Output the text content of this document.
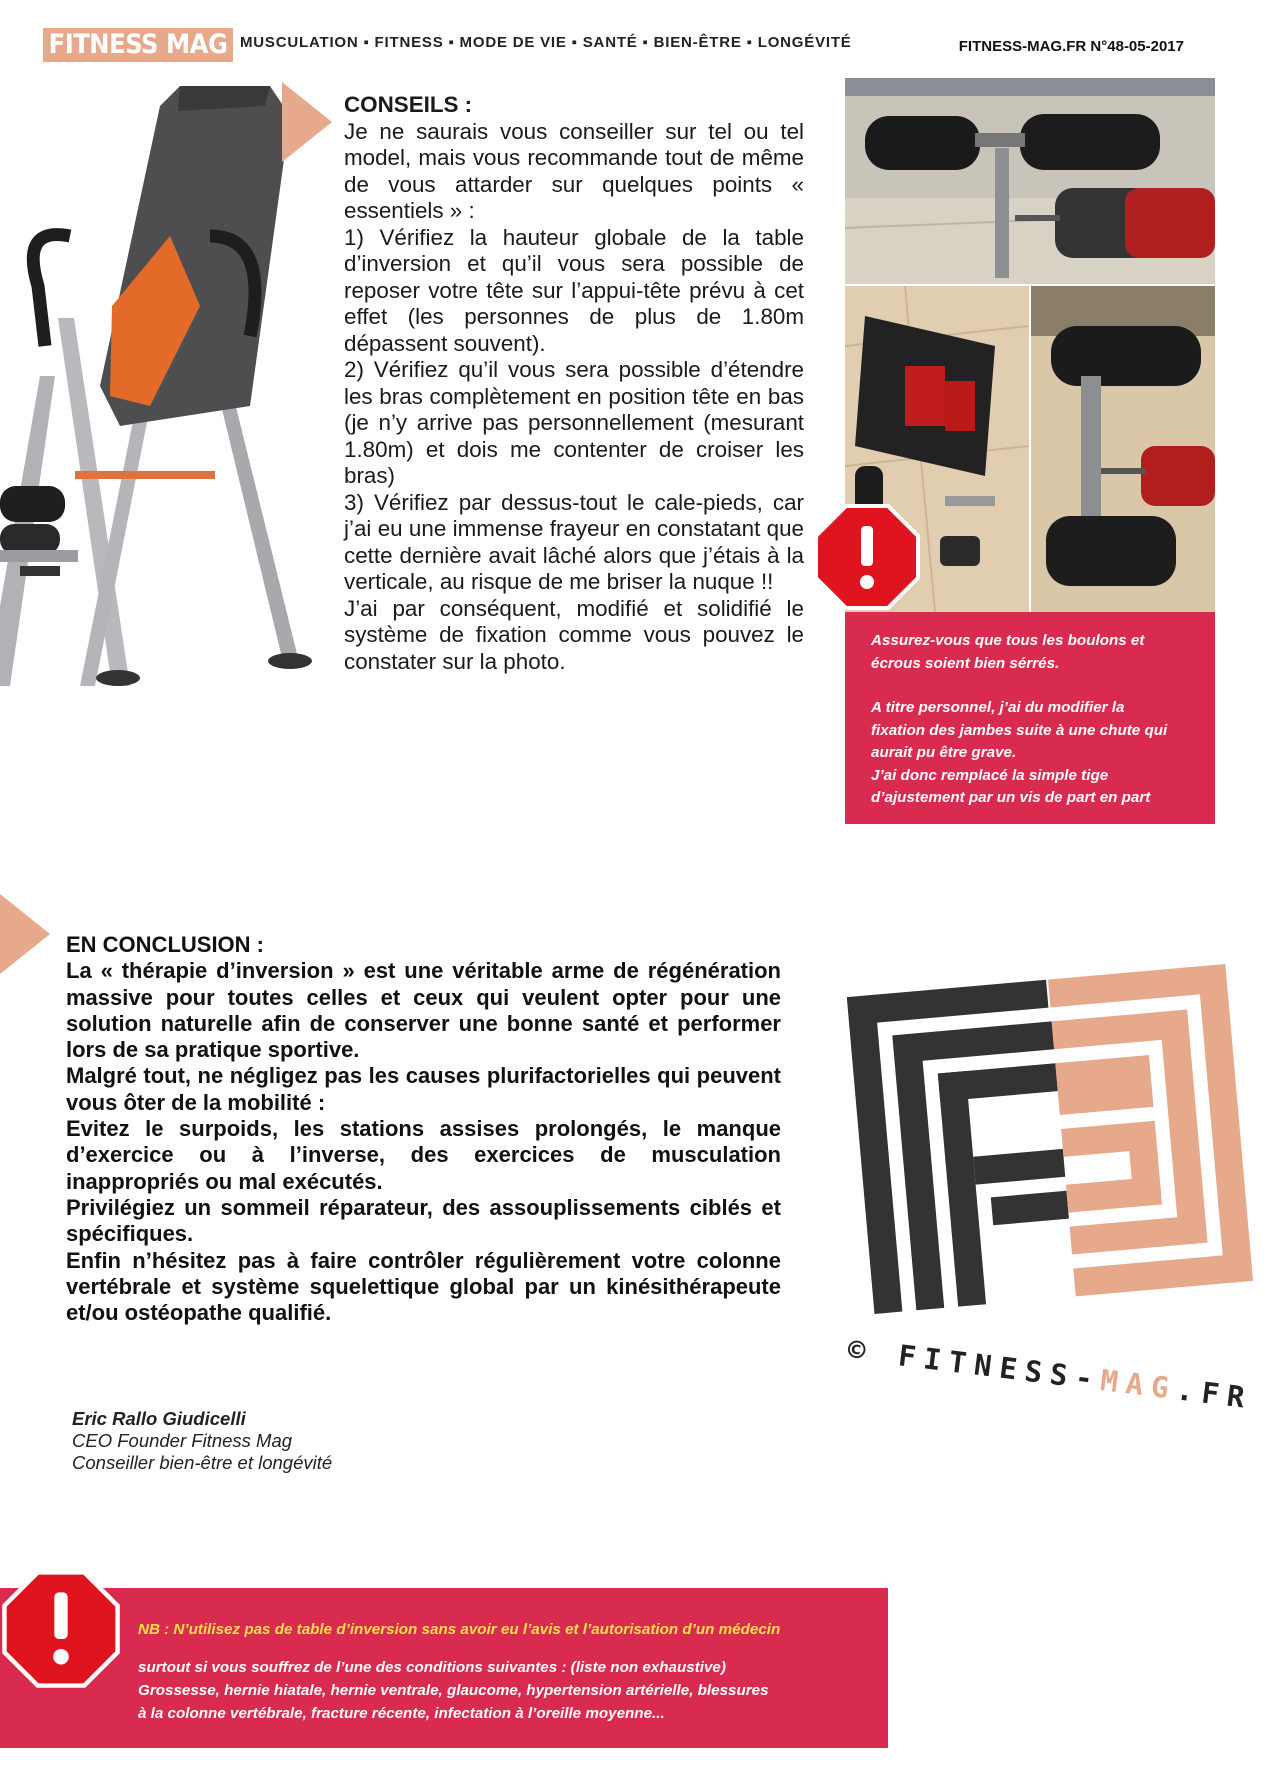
FITNESS MAG MUSCULATION ▪ FITNESS ▪ MODE DE VIE ▪ SANTÉ ▪ BIEN-ÊTRE ▪ LONGÉVITÉ	FITNESS-MAG.FR N°48-05-2017

CONSEILS :

Je ne saurais vous conseiller sur tel ou tel model, mais vous recommande tout de même de vous attarder sur quelques points « essentiels » :

1) Vérifiez la hauteur globale de la table d’inversion et qu’il vous sera possible de reposer votre tête sur l’appui-tête prévu à cet effet (les personnes de plus de 1.80m dépassent souvent).

2) Vérifiez qu’il vous sera possible d’étendre les bras complètement en position tête en bas (je n’y arrive pas personnellement (mesurant 1.80m) et dois me contenter de croiser les bras)

3) Vérifiez par dessus-tout le cale-pieds, car j’ai eu une immense frayeur en constatant que cette dernière avait lâché alors que j’étais à la verticale, au risque de me briser la nuque !!

J’ai par conséquent, modifié et solidifié le système de fixation comme vous pouvez le constater sur la photo.

Assurez-vous que tous les boulons et

écrous soient bien sérrés.

A titre personnel, j’ai du modifier la

fixation des jambes suite à une chute qui

aurait pu être grave.

J’ai donc remplacé la simple tige

d’ajustement par un vis de part en part

EN CONCLUSION :

La « thérapie d’inversion » est une véritable arme de régénération massive pour toutes celles et ceux qui veulent opter pour une solution naturelle afin de conserver une bonne santé et performer lors de sa pratique sportive.

Malgré tout, ne négligez pas les causes plurifactorielles qui peuvent vous ôter de la mobilité :

Evitez le surpoids, les stations assises prolongés, le manque d’exercice ou à l’inverse, des exercices de musculation inappropriés ou mal exécutés.

Privilégiez un sommeil réparateur, des assouplissements ciblés et spécifiques.

Enfin n’hésitez pas à faire contrôler régulièrement votre colonne vertébrale et système squelettique global par un kinésithérapeute et/ou ostéopathe qualifié.

© FITNESS-MAG.FR
Eric Rallo Giudicelli
CEO Founder Fitness Mag
Conseiller bien-être et longévité
NB : N’utilisez pas de table d’inversion sans avoir eu l’avis et l’autorisation d’un médecin
surtout si vous souffrez de l’une des conditions suivantes : (liste non exhaustive)
Grossesse, hernie hiatale, hernie ventrale, glaucome, hypertension artérielle, blessures
à la colonne vertébrale, fracture récente, infectation à l’oreille moyenne...
